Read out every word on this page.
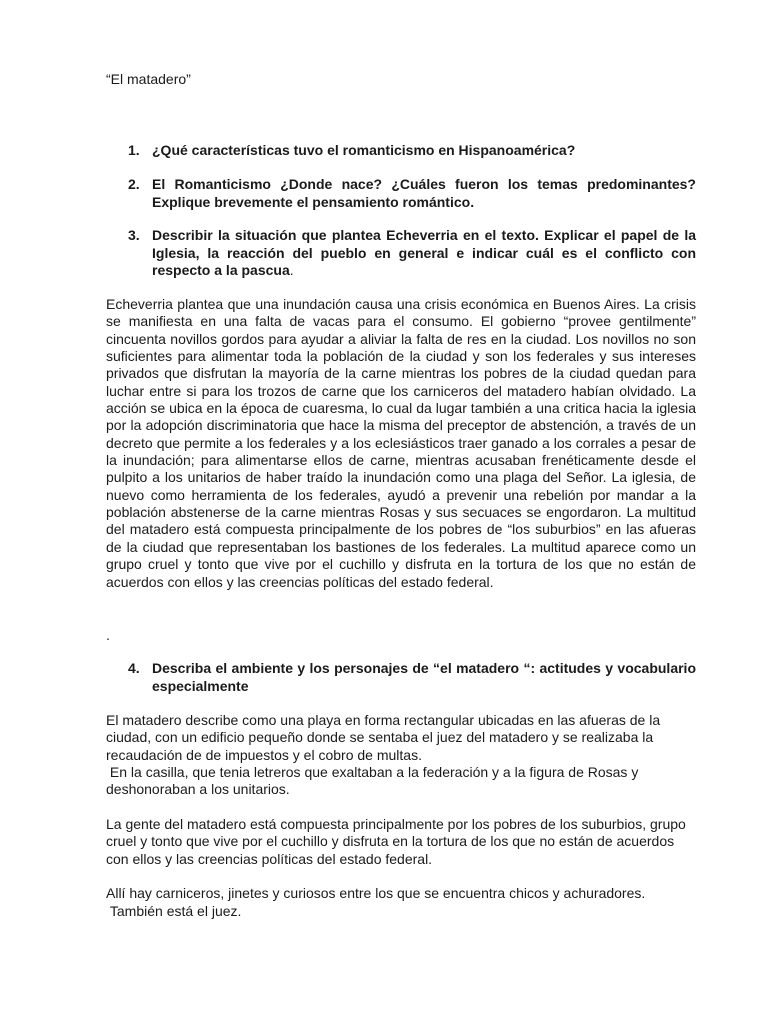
“El matadero”
1. ¿Qué características tuvo el romanticismo en Hispanoamérica?
2. El Romanticismo ¿Donde nace? ¿Cuáles fueron los temas predominantes? Explique brevemente el pensamiento romántico.
3. Describir la situación que plantea Echeverria en el texto. Explicar el papel de la Iglesia, la reacción del pueblo en general e indicar cuál es el conflicto con respecto a la pascua.

Echeverria plantea que una inundación causa una crisis económica en Buenos Aires. La crisis se manifiesta en una falta de vacas para el consumo. El gobierno “provee gentilmente” cincuenta novillos gordos para ayudar a aliviar la falta de res en la ciudad. Los novillos no son suficientes para alimentar toda la población de la ciudad y son los federales y sus intereses privados que disfrutan la mayoría de la carne mientras los pobres de la ciudad quedan para luchar entre si para los trozos de carne que los carniceros del matadero habían olvidado. La acción se ubica en la época de cuaresma, lo cual da lugar también a una critica hacia la iglesia por la adopción discriminatoria que hace la misma del preceptor de abstención, a través de un decreto que permite a los federales y a los eclesiásticos traer ganado a los corrales a pesar de la inundación; para alimentarse ellos de carne, mientras acusaban frenéticamente desde el pulpito a los unitarios de haber traído la inundación como una plaga del Señor. La iglesia, de nuevo como herramienta de los federales, ayudó a prevenir una rebelión por mandar a la población abstenerse de la carne mientras Rosas y sus secuaces se engordaron. La multitud del matadero está compuesta principalmente de los pobres de “los suburbios” en las afueras de la ciudad que representaban los bastiones de los federales. La multitud aparece como un grupo cruel y tonto que vive por el cuchillo y disfruta en la tortura de los que no están de acuerdos con ellos y las creencias políticas del estado federal.

.
4. Describa el ambiente y los personajes de “el matadero “: actitudes y vocabulario especialmente

El matadero describe como una playa en forma rectangular ubicadas en las afueras de la ciudad, con un edificio pequeño donde se sentaba el juez del matadero y se realizaba la recaudación de de impuestos y el cobro de multas.

En la casilla, que tenia letreros que exaltaban a la federación y a la figura de Rosas y deshonoraban a los unitarios.

La gente del matadero está compuesta principalmente por los pobres de los suburbios, grupo cruel y tonto que vive por el cuchillo y disfruta en la tortura de los que no están de acuerdos con ellos y las creencias políticas del estado federal.

Allí hay carniceros, jinetes y curiosos entre los que se encuentra chicos y achuradores.

También está el juez.
